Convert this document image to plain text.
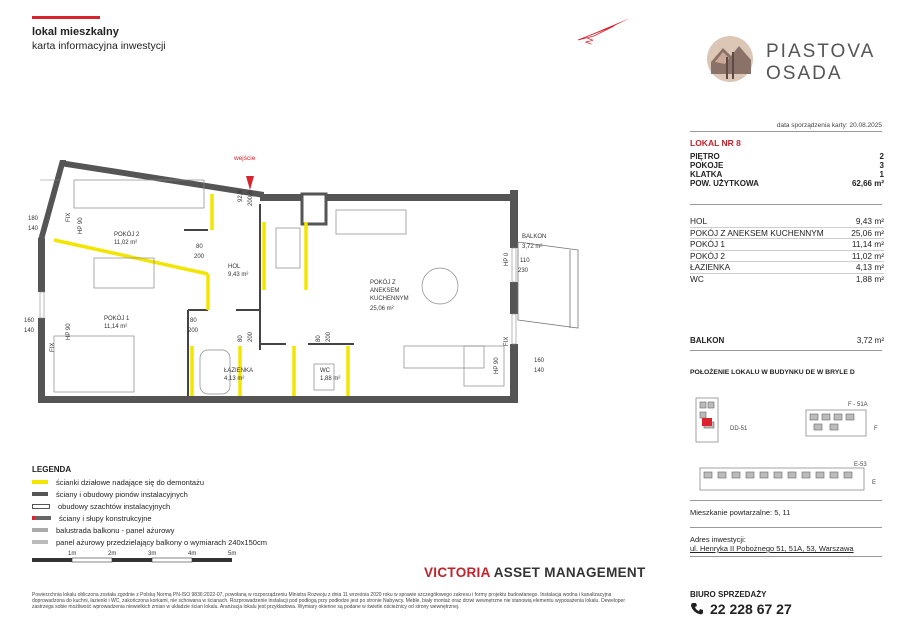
lokal mieszkalny
karta informacyjna inwestycji	N	PIASTOVA
OSADA
data sporządzenia karty: 20.08.2025
LOKAL NR 8
PIĘTRO	2
POKOJE	3
KLATKA	1
POW. UŻYTKOWA	62,66 m²
HOL	9,43 m²
POKÓJ Z ANEKSEM KUCHENNYM	25,06 m²
POKÓJ 1	11,14 m²
POKÓJ 2	11,02 m²
ŁAZIENKA	4,13 m²
WC	1,88 m²
BALKON	3,72 m²
POŁOŻENIE LOKALU W BUDYNKU DE W BRYLE D
DD-51
F - 51A
F
E-53
E
Mieszkanie powtarzalne: 5, 11
Adres inwestycji:
ul. Henryka II Pobożnego 51, 51A, 53, Warszawa
BIURO SPRZEDAŻY
22 228 67 27
wejście
POKÓJ 2
11,02 m²
POKÓJ 1
11,14 m²
HOL
9,43 m²
ŁAZIENKA
4,13 m²
WC
1,88 m²
POKÓJ Z
ANEKSEM
KUCHENNYM
25,06 m²
BALKON
3,72 m²
180
140
160
140
80
200
80
200
92,8 200,8
80 200	80 200
110
230
160
140
HP 90
FIX
HP 90
FIX
HP 0
FIX
HP 90
LEGENDA
ścianki działowe nadające się do demontażu
ściany i obudowy pionów instalacyjnych
obudowy szachtów instalacyjnych
ściany i słupy konstrukcyjne
balustrada balkonu - panel ażurowy
panel ażurowy przedzielający balkony o wymiarach 240x150cm
1m	2m	3m	4m	5m
VICTORIA ASSET MANAGEMENT
Powierzchnia lokalu obliczona została zgodnie z Polską Normą PN-ISO 9836:2022-07, powołaną w rozporządzeniu Ministra Rozwoju z dnia 11 września 2020 roku w sprawie szczegółowego zakresu i formy projektu budowlanego. Instalacja wodna i kanalizacyjna doprowadzona do kuchni, łazienki i WC, zakończona korkami, nie schowana w ścianach. Rozprowadzenie instalacji pod podłogą przy podłodze jest po stronie Nabywcy. Meble, biały montaż oraz drzwi wewnętrzne nie stanowią elementu wyposażenia lokalu. Deweloper zastrzega sobie możliwość wprowadzenia niewielkich zmian w układzie ścian lokalu. Aranżacja lokalu jest przykładowa. Wymiary okienne są podane w świetle ościeżnicy od strony wewnętrznej.
